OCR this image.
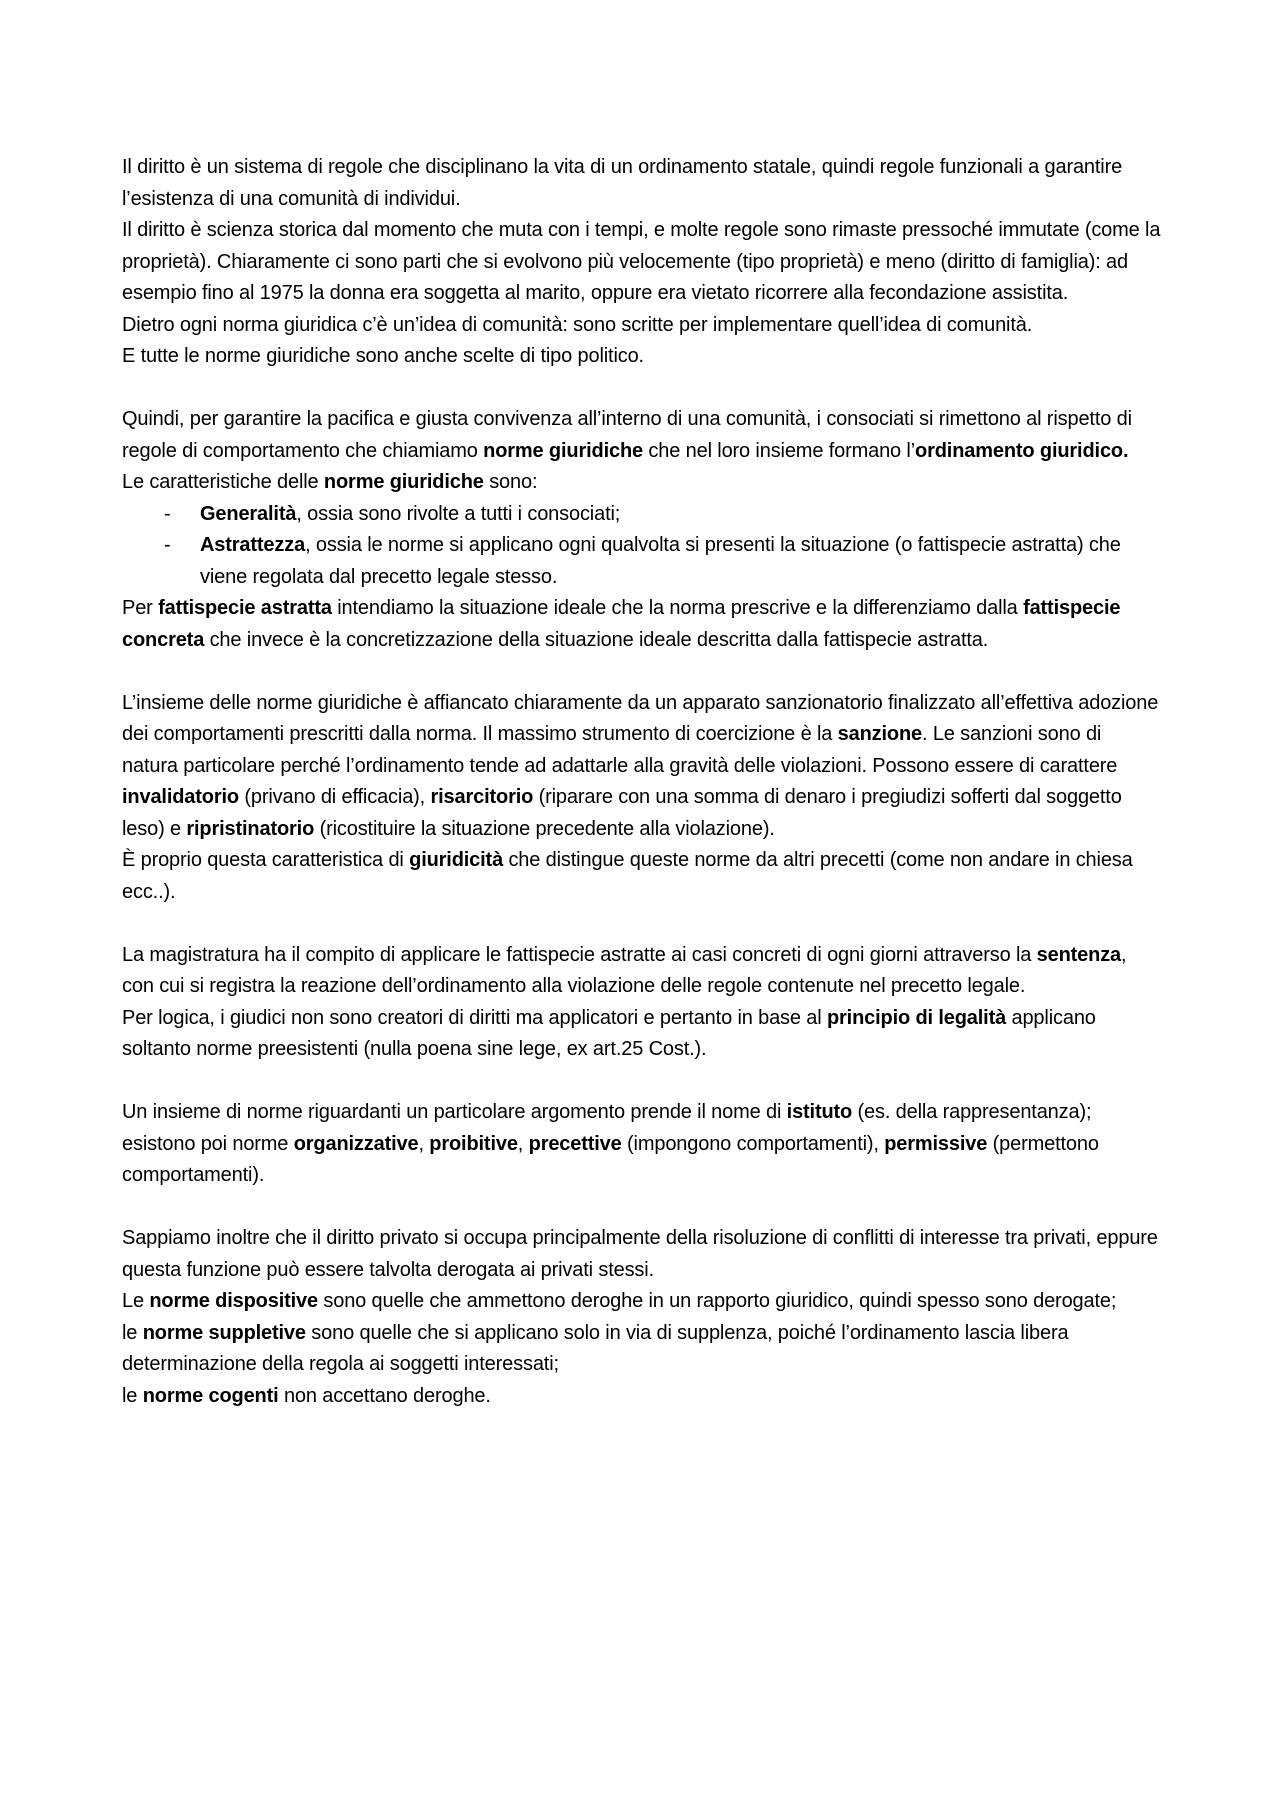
Il diritto è un sistema di regole che disciplinano la vita di un ordinamento statale, quindi regole funzionali a garantire l’esistenza di una comunità di individui.

Il diritto è scienza storica dal momento che muta con i tempi, e molte regole sono rimaste pressoché immutate (come la proprietà). Chiaramente ci sono parti che si evolvono più velocemente (tipo proprietà) e meno (diritto di famiglia): ad esempio fino al 1975 la donna era soggetta al marito, oppure era vietato ricorrere alla fecondazione assistita.

Dietro ogni norma giuridica c’è un’idea di comunità: sono scritte per implementare quell’idea di comunità.

E tutte le norme giuridiche sono anche scelte di tipo politico.

Quindi, per garantire la pacifica e giusta convivenza all’interno di una comunità, i consociati si rimettono al rispetto di regole di comportamento che chiamiamo norme giuridiche che nel loro insieme formano l’ordinamento giuridico.

Le caratteristiche delle norme giuridiche sono:

- Generalità, ossia sono rivolte a tutti i consociati;
- Astrattezza, ossia le norme si applicano ogni qualvolta si presenti la situazione (o fattispecie astratta) che viene regolata dal precetto legale stesso.

Per fattispecie astratta intendiamo la situazione ideale che la norma prescrive e la differenziamo dalla fattispecie concreta che invece è la concretizzazione della situazione ideale descritta dalla fattispecie astratta.

L’insieme delle norme giuridiche è affiancato chiaramente da un apparato sanzionatorio finalizzato all’effettiva adozione dei comportamenti prescritti dalla norma. Il massimo strumento di coercizione è la sanzione. Le sanzioni sono di natura particolare perché l’ordinamento tende ad adattarle alla gravità delle violazioni. Possono essere di carattere invalidatorio (privano di efficacia), risarcitorio (riparare con una somma di denaro i pregiudizi sofferti dal soggetto leso) e ripristinatorio (ricostituire la situazione precedente alla violazione).

È proprio questa caratteristica di giuridicità che distingue queste norme da altri precetti (come non andare in chiesa ecc..).

La magistratura ha il compito di applicare le fattispecie astratte ai casi concreti di ogni giorni attraverso la sentenza, con cui si registra la reazione dell’ordinamento alla violazione delle regole contenute nel precetto legale.

Per logica, i giudici non sono creatori di diritti ma applicatori e pertanto in base al principio di legalità applicano soltanto norme preesistenti (nulla poena sine lege, ex art.25 Cost.).

Un insieme di norme riguardanti un particolare argomento prende il nome di istituto (es. della rappresentanza); esistono poi norme organizzative, proibitive, precettive (impongono comportamenti), permissive (permettono comportamenti).

Sappiamo inoltre che il diritto privato si occupa principalmente della risoluzione di conflitti di interesse tra privati, eppure questa funzione può essere talvolta derogata ai privati stessi.

Le norme dispositive sono quelle che ammettono deroghe in un rapporto giuridico, quindi spesso sono derogate;

le norme suppletive sono quelle che si applicano solo in via di supplenza, poiché l’ordinamento lascia libera determinazione della regola ai soggetti interessati;

le norme cogenti non accettano deroghe.
